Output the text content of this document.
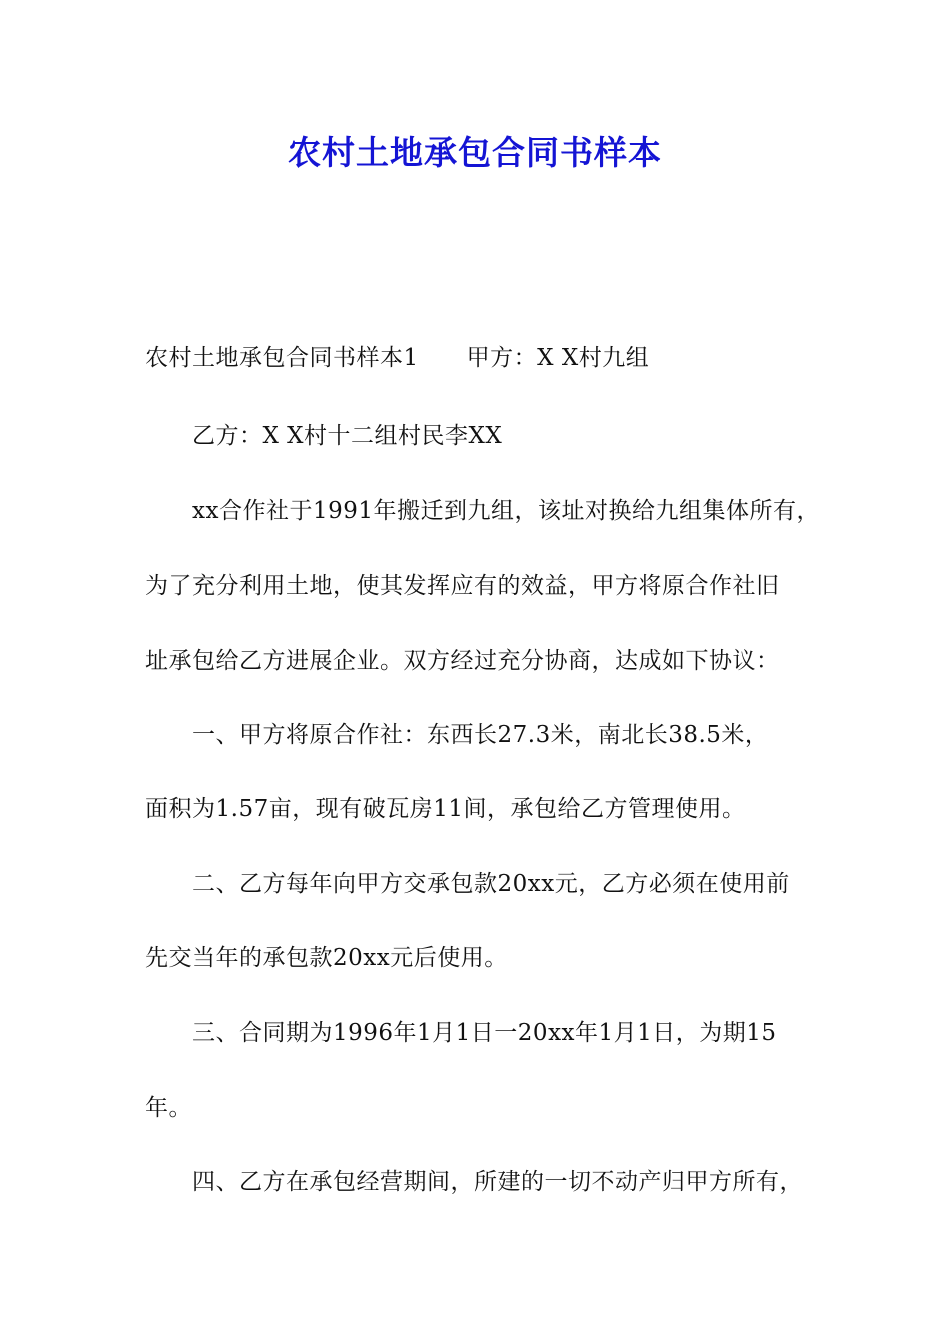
农村土地承包合同书样本
农村土地承包合同书样本1 甲方：X X村九组
乙方：X X村十二组村民李XX
xx合作社于1991年搬迁到九组，该址对换给九组集体所有，
为了充分利用土地，使其发挥应有的效益，甲方将原合作社旧
址承包给乙方进展企业。双方经过充分协商，达成如下协议：
一、甲方将原合作社：东西长27.3米，南北长38.5米，
面积为1.57亩，现有破瓦房11间，承包给乙方管理使用。
二、乙方每年向甲方交承包款20xx元，乙方必须在使用前
先交当年的承包款20xx元后使用。
三、合同期为1996年1月1日一20xx年1月1日，为期15
年。
四、乙方在承包经营期间，所建的一切不动产归甲方所有，
